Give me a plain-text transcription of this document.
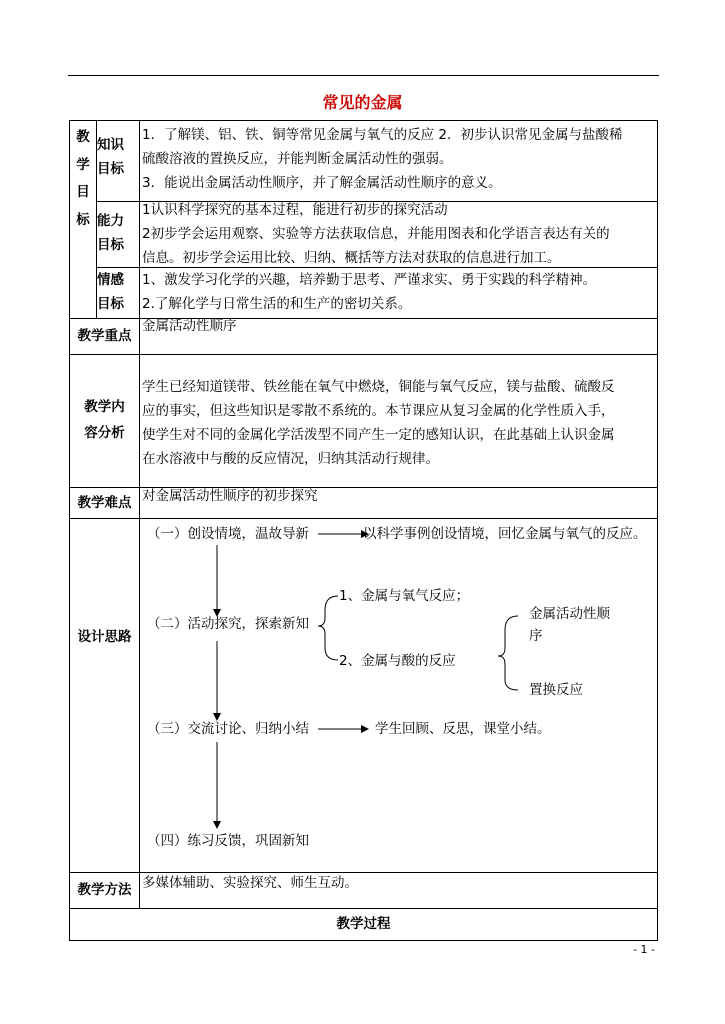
常见的金属
教
学
目
标
知识
目标
1．了解镁、铝、铁、铜等常见金属与氧气的反应 2．初步认识常见金属与盐酸稀
硫酸溶液的置换反应，并能判断金属活动性的强弱。
3．能说出金属活动性顺序，并了解金属活动性顺序的意义。
能力
目标
1认识科学探究的基本过程，能进行初步的探究活动
2初步学会运用观察、实验等方法获取信息，并能用图表和化学语言表达有关的
信息。初步学会运用比较、归纳、概括等方法对获取的信息进行加工。
情感
目标
1、激发学习化学的兴趣，培养勤于思考、严谨求实、勇于实践的科学精神。
2.了解化学与日常生活的和生产的密切关系。
教学重点
金属活动性顺序
教学内
容分析
学生已经知道镁带、铁丝能在氧气中燃烧，铜能与氧气反应，镁与盐酸、硫酸反
应的事实，但这些知识是零散不系统的。本节课应从复习金属的化学性质入手，
使学生对不同的金属化学活泼型不同产生一定的感知认识，在此基础上认识金属
在水溶液中与酸的反应情况，归纳其活动行规律。
教学难点 对金属活动性顺序的初步探究
设计思路
（一）创设情境，温故导新	以科学事例创设情境，回忆金属与氧气的反应。
（二）活动探究，探索新知
1、金属与氧气反应；
2、金属与酸的反应
金属活动性顺
序
置换反应
（三）交流讨论、归纳小结	学生回顾、反思，课堂小结。
（四）练习反馈，巩固新知
教学方法 多媒体辅助、实验探究、师生互动。
教学过程
- 1 -
